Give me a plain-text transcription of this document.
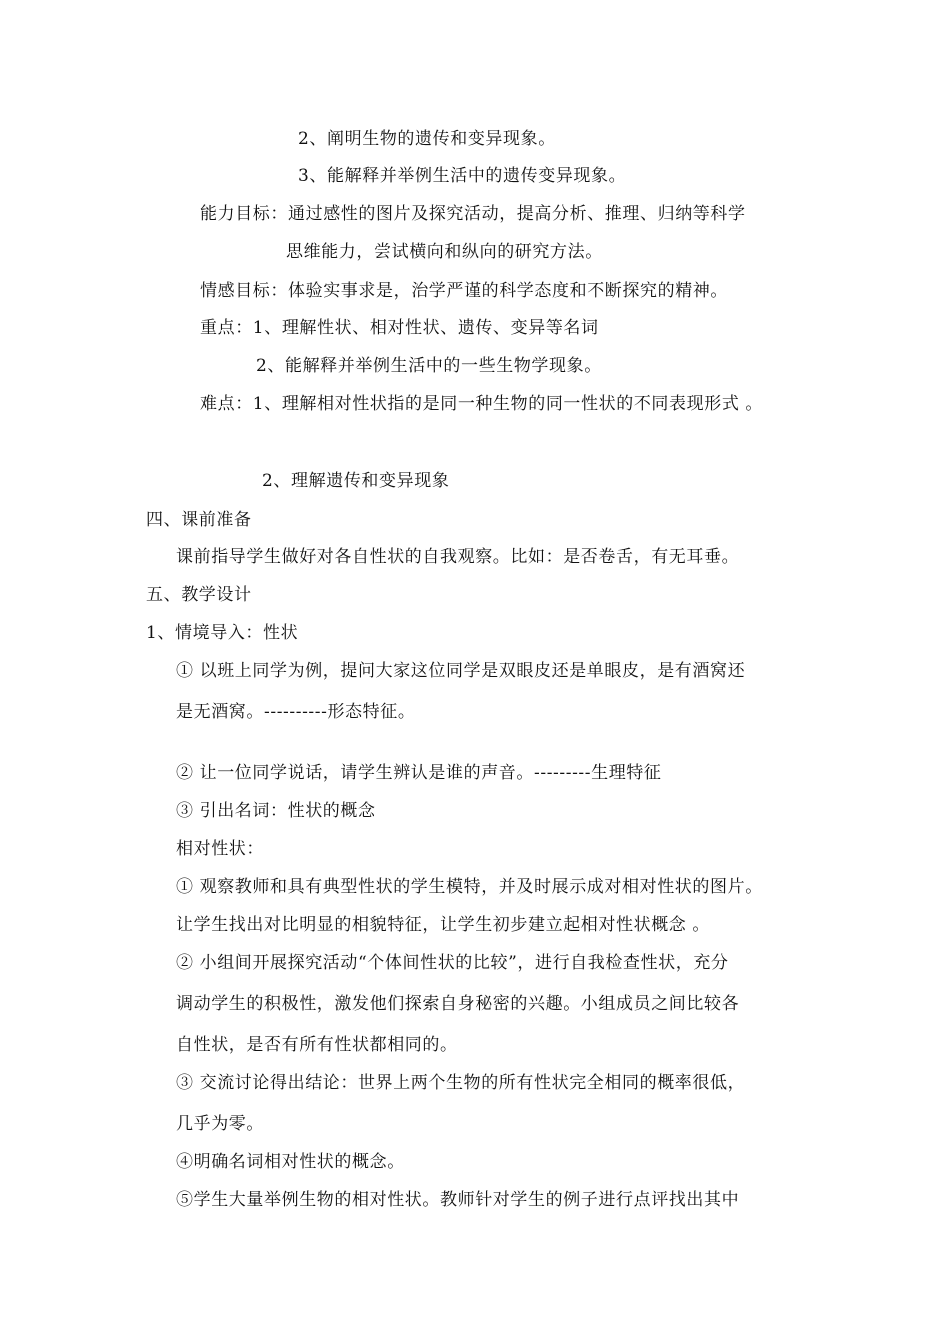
2、阐明生物的遗传和变异现象。
3、能解释并举例生活中的遗传变异现象。
能力目标：通过感性的图片及探究活动，提高分析、推理、归纳等科学
思维能力，尝试横向和纵向的研究方法。
情感目标：体验实事求是，治学严谨的科学态度和不断探究的精神。
重点：1、理解性状、相对性状、遗传、变异等名词
2、能解释并举例生活中的一些生物学现象。
难点：1、理解相对性状指的是同一种生物的同一性状的不同表现形式 。
2、理解遗传和变异现象
四、课前准备
课前指导学生做好对各自性状的自我观察。比如：是否卷舌，有无耳垂。
五、教学设计
1、情境导入：性状
① 以班上同学为例，提问大家这位同学是双眼皮还是单眼皮，是有酒窝还
是无酒窝。----------形态特征。
② 让一位同学说话，请学生辨认是谁的声音。---------生理特征
③ 引出名词：性状的概念
相对性状：
① 观察教师和具有典型性状的学生模特，并及时展示成对相对性状的图片。
让学生找出对比明显的相貌特征，让学生初步建立起相对性状概念 。
② 小组间开展探究活动“个体间性状的比较”，进行自我检查性状，充分
调动学生的积极性，激发他们探索自身秘密的兴趣。小组成员之间比较各
自性状，是否有所有性状都相同的。
③ 交流讨论得出结论：世界上两个生物的所有性状完全相同的概率很低，
几乎为零。
④明确名词相对性状的概念。
⑤学生大量举例生物的相对性状。教师针对学生的例子进行点评找出其中
